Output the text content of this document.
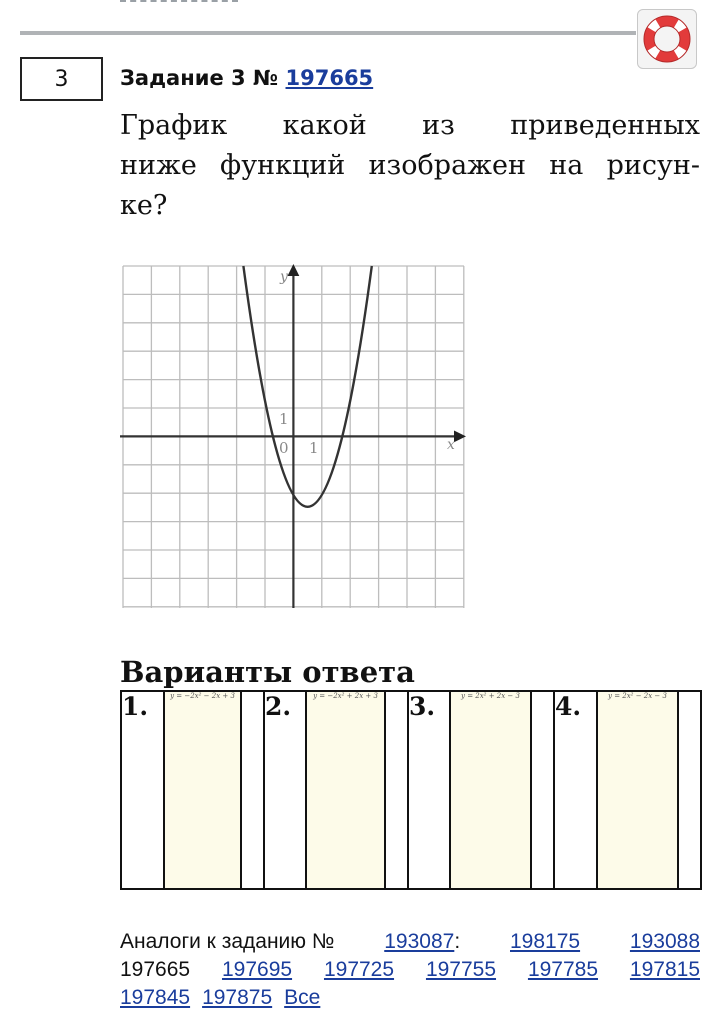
3 Задание 3 № 197665
График какой из приведенных
ниже функций изображен на рисун-
ке?
y
x
0 1
1
Варианты ответа
1.	y = −2x² − 2x + 3		2.	y = −2x² + 2x + 3		3.	y = 2x² + 2x − 3		4.	y = 2x² − 2x − 3	
Аналоги к заданию № 193087: 198175 193088
197665 197695 197725 197755 197785 197815
197845 197875 Все
